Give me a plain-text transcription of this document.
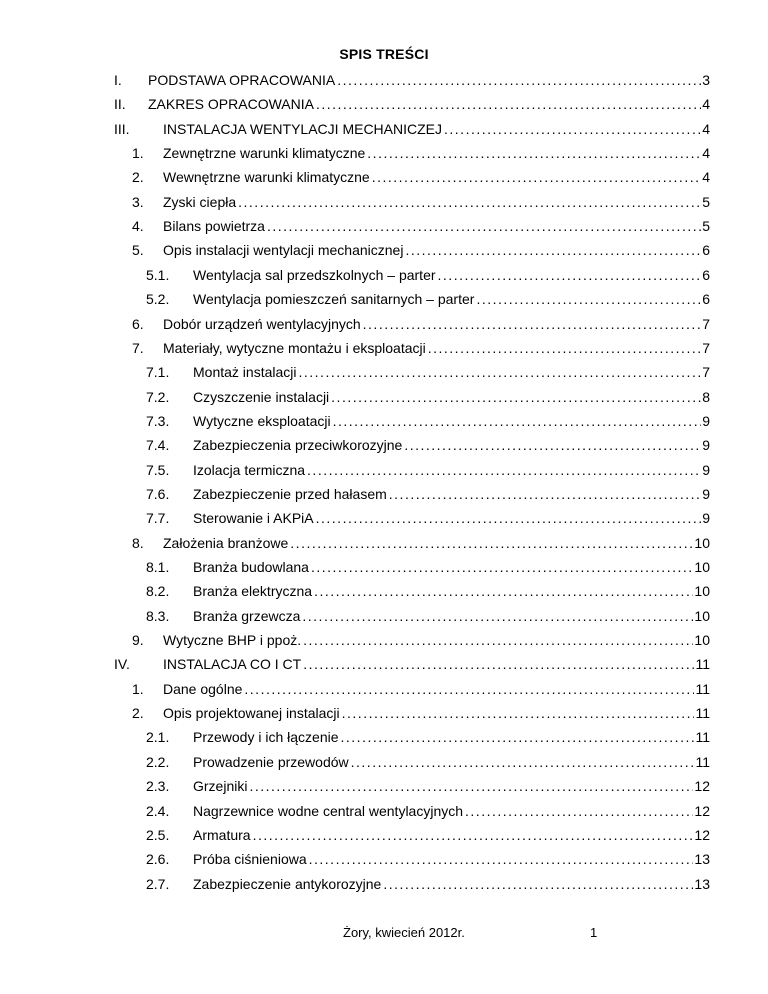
SPIS TREŚCI
I. PODSTAWA OPRACOWANIA .....	3
II. ZAKRES OPRACOWANIA .....	4
III. INSTALACJA WENTYLACJI MECHANICZEJ .....	4
1. Zewnętrzne warunki klimatyczne .....	4
2. Wewnętrzne warunki klimatyczne .....	4
3. Zyski ciepła .....	5
4. Bilans powietrza .....	5
5. Opis instalacji wentylacji mechanicznej .....	6
5.1. Wentylacja sal przedszkolnych – parter .....	6
5.2. Wentylacja pomieszczeń sanitarnych – parter .....	6
6. Dobór urządzeń wentylacyjnych .....	7
7. Materiały, wytyczne montażu i eksploatacji .....	7
7.1. Montaż instalacji .....	7
7.2. Czyszczenie instalacji .....	8
7.3. Wytyczne eksploatacji .....	9
7.4. Zabezpieczenia przeciwkorozyjne .....	9
7.5. Izolacja termiczna .....	9
7.6. Zabezpieczenie przed hałasem .....	9
7.7. Sterowanie i AKPiA .....	9
8. Założenia branżowe .....	10
8.1. Branża budowlana .....	10
8.2. Branża elektryczna .....	10
8.3. Branża grzewcza .....	10
9. Wytyczne BHP i ppoż. .....	10
IV. INSTALACJA CO I CT .....	11
1. Dane ogólne .....	11
2. Opis projektowanej instalacji .....	11
2.1. Przewody i ich łączenie .....	11
2.2. Prowadzenie przewodów .....	11
2.3. Grzejniki .....	12
2.4. Nagrzewnice wodne central wentylacyjnych .....	12
2.5. Armatura .....	12
2.6. Próba ciśnieniowa .....	13
2.7. Zabezpieczenie antykorozyjne .....	13
Żory, kwiecień 2012r.	1
